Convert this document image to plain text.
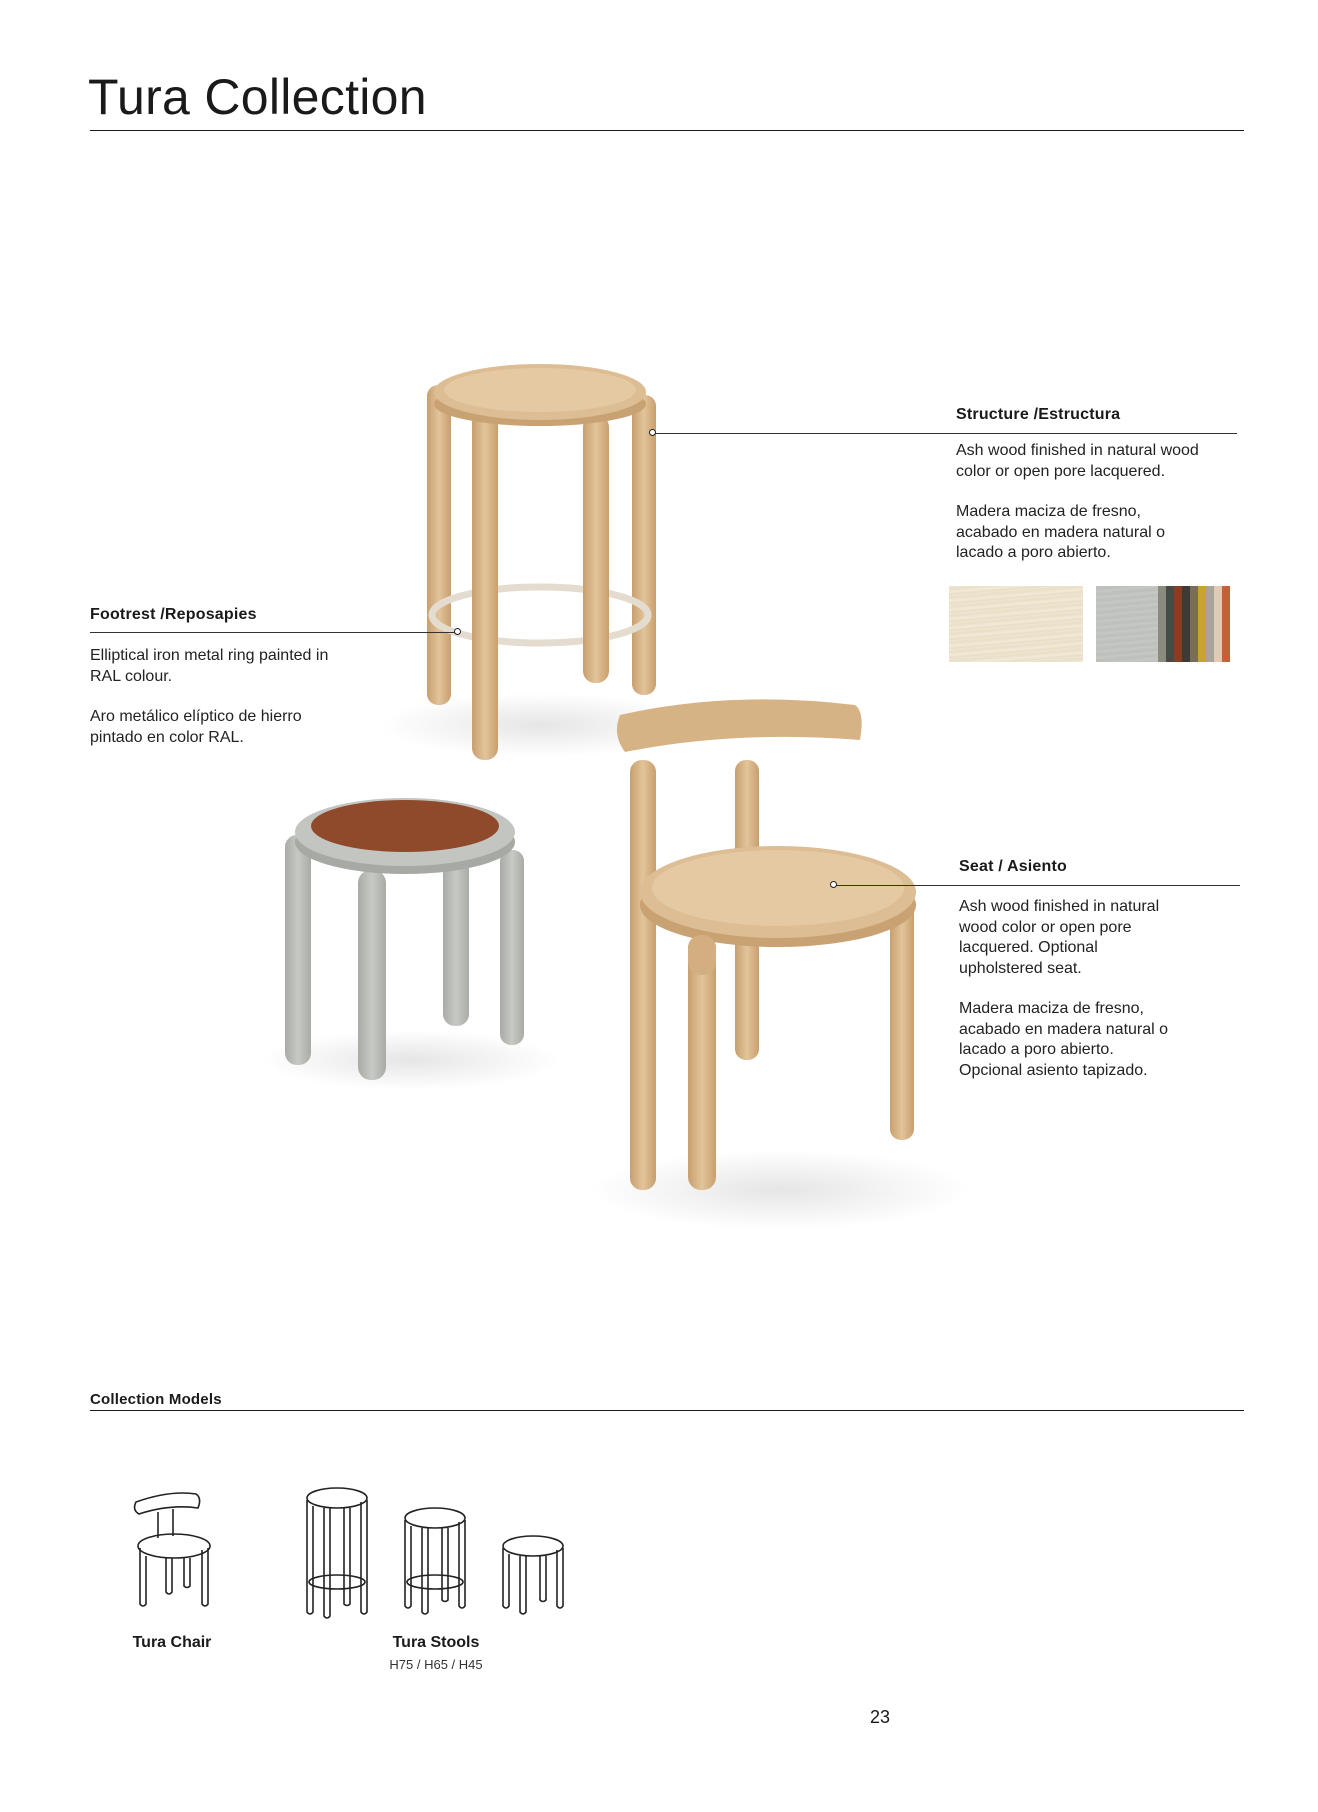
Tura Collection
Structure /Estructura
Ash wood finished in natural wood
color or open pore lacquered.
Madera maciza de fresno,
acabado en madera natural o
lacado a poro abierto.
Footrest /Reposapies
Elliptical iron metal ring painted in
RAL colour.
Aro metálico elíptico de hierro
pintado en color RAL.
Seat / Asiento
Ash wood finished in natural
wood color or open pore
lacquered. Optional
upholstered seat.
Madera maciza de fresno,
acabado en madera natural o
lacado a poro abierto.
Opcional asiento tapizado.
Collection Models
Tura Chair	Tura Stools
H75 / H65 / H45
23
